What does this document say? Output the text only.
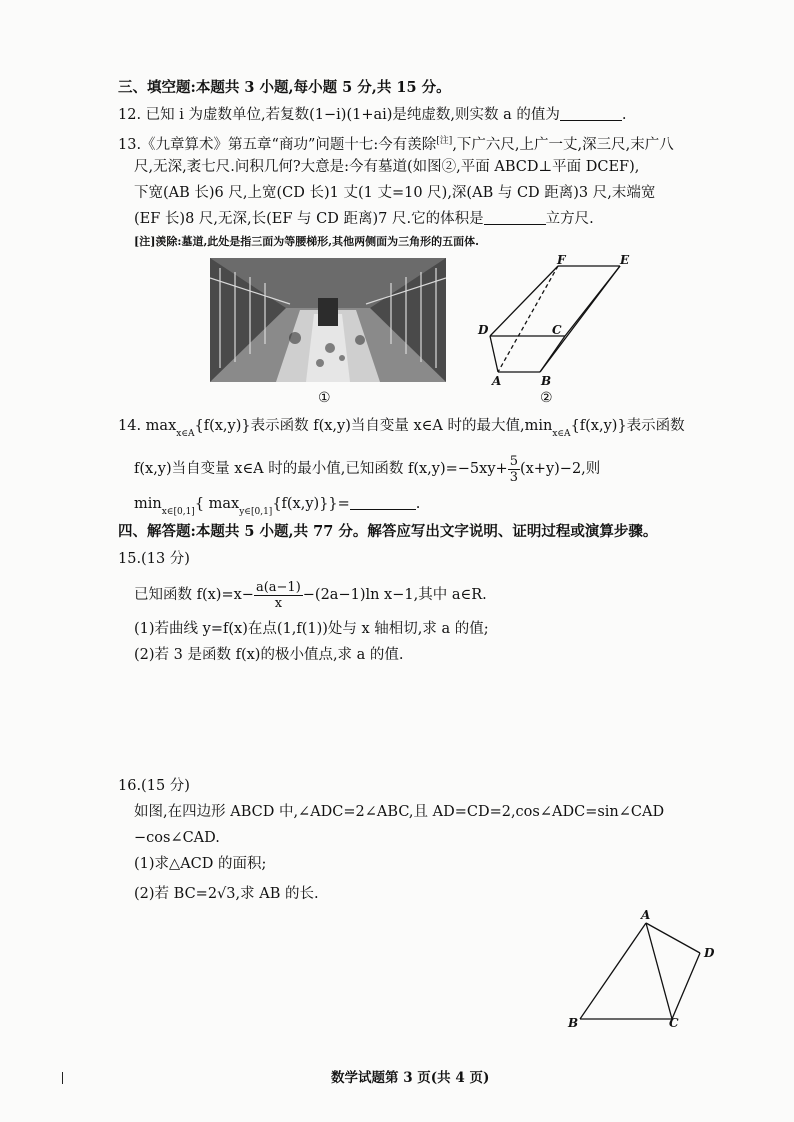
三、填空题:本题共 3 小题,每小题 5 分,共 15 分。
12. 已知 i 为虚数单位,若复数(1−i)(1+ai)是纯虚数,则实数 a 的值为	.
13.《九章算术》第五章“商功”问题十七:今有羡除[注],下广六尺,上广一丈,深三尺,末广八
尺,无深,袤七尺.问积几何?大意是:今有墓道(如图②,平面 ABCD⊥平面 DCEF),
下宽(AB 长)6 尺,上宽(CD 长)1 丈(1 丈=10 尺),深(AB 与 CD 距离)3 尺,末端宽
(EF 长)8 尺,无深,长(EF 与 CD 距离)7 尺.它的体积是	立方尺.
[注]羡除:墓道,此处是指三面为等腰梯形,其他两侧面为三角形的五面体.
①
F	E
D	C
A	B
②
14. $\max_{x\in A}\{f(x,y)\}$表示函数 f(x,y)当自变量 x∈A 时的最大值$,\min_{x\in A}\{f(x,y)\}$表示函数
f(x,y)当自变量 x∈A 时的最小值,已知函数 $f(x,y)=-5xy+ \frac{5}{3} (x+y)-2$,则
$\min_{x\in[0,1]}${ $\max_{y\in[0,1]}\{f(x,y)\}\}=$	.
四、解答题:本题共 5 小题,共 77 分。解答应写出文字说明、证明过程或演算步骤。
15.(13 分)
已知函数 $f(x)=x- \frac{a(a-1)}{x} -(2a-1)\ln$ x−1,其中 a∈R.
(1)若曲线 y=f(x)在点(1,f(1))处与 x 轴相切,求 a 的值;
(2)若 3 是函数 f(x)的极小值点,求 a 的值.
16.(15 分)
如图,在四边形 ABCD 中,∠ADC=2∠ABC,且 AD=CD=2,cos∠ADC=sin∠CAD
−cos∠CAD.
(1)求△ACD 的面积;
(2)若 BC=2√3,求 AB 的长.
A
D
B	C
数学试题第 3 页(共 4 页)
